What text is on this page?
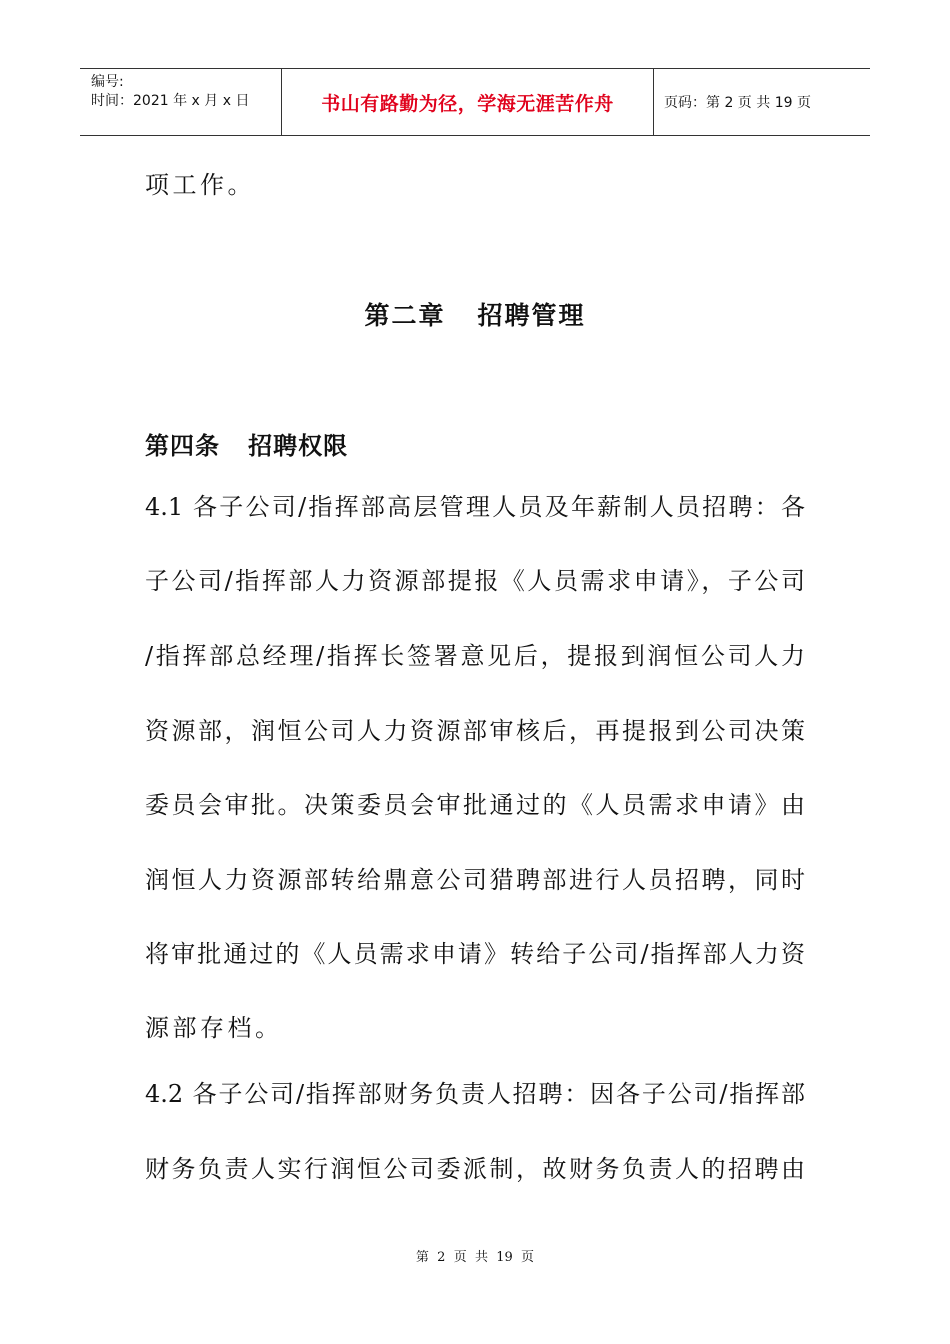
编号:
时间：2021 年 x 月 x 日	书山有路勤为径，学海无涯苦作舟	页码：第 2 页 共 19 页
项工作。
第二章   招聘管理
第四条   招聘权限
4.1 各子公司/指挥部高层管理人员及年薪制人员招聘：各
子公司/指挥部人力资源部提报《人员需求申请》，子公司
/指挥部总经理/指挥长签署意见后，提报到润恒公司人力
资源部，润恒公司人力资源部审核后，再提报到公司决策
委员会审批。决策委员会审批通过的《人员需求申请》由
润恒人力资源部转给鼎意公司猎聘部进行人员招聘，同时
将审批通过的《人员需求申请》转给子公司/指挥部人力资
源部存档。
4.2 各子公司/指挥部财务负责人招聘：因各子公司/指挥部
财务负责人实行润恒公司委派制，故财务负责人的招聘由
第  2  页  共  19  页
